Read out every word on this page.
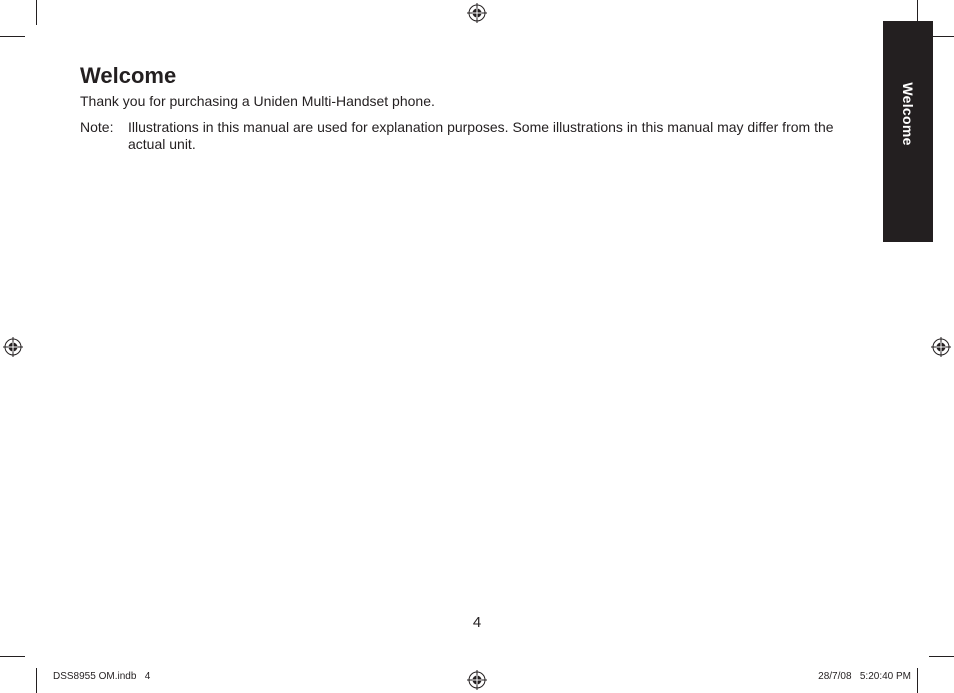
Welcome

Thank you for purchasing a Uniden Multi-Handset phone.

Note:	Illustrations in this manual are used for explanation purposes. Some illustrations in this manual may differ from the actual unit.	Welcome
4
DSS8955 OM.indb   4	28/7/08   5:20:40 PM
